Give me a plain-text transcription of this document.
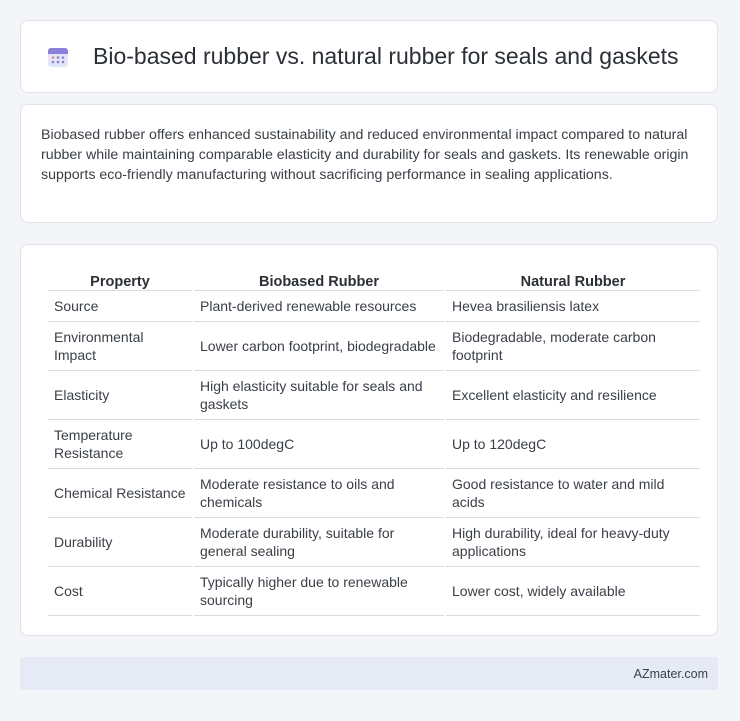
Bio-based rubber vs. natural rubber for seals and gaskets

Biobased rubber offers enhanced sustainability and reduced environmental impact compared to natural rubber while maintaining comparable elasticity and durability for seals and gaskets. Its renewable origin supports eco-friendly manufacturing without sacrificing performance in sealing applications.

Property	Biobased Rubber	Natural Rubber
Source	Plant-derived renewable resources	Hevea brasiliensis latex
Environmental Impact	Lower carbon footprint, biodegradable	Biodegradable, moderate carbon footprint
Elasticity	High elasticity suitable for seals and gaskets	Excellent elasticity and resilience
Temperature Resistance	Up to 100degC	Up to 120degC
Chemical Resistance	Moderate resistance to oils and chemicals	Good resistance to water and mild acids
Durability	Moderate durability, suitable for general sealing	High durability, ideal for heavy-duty applications
Cost	Typically higher due to renewable sourcing	Lower cost, widely available
AZmater.com
